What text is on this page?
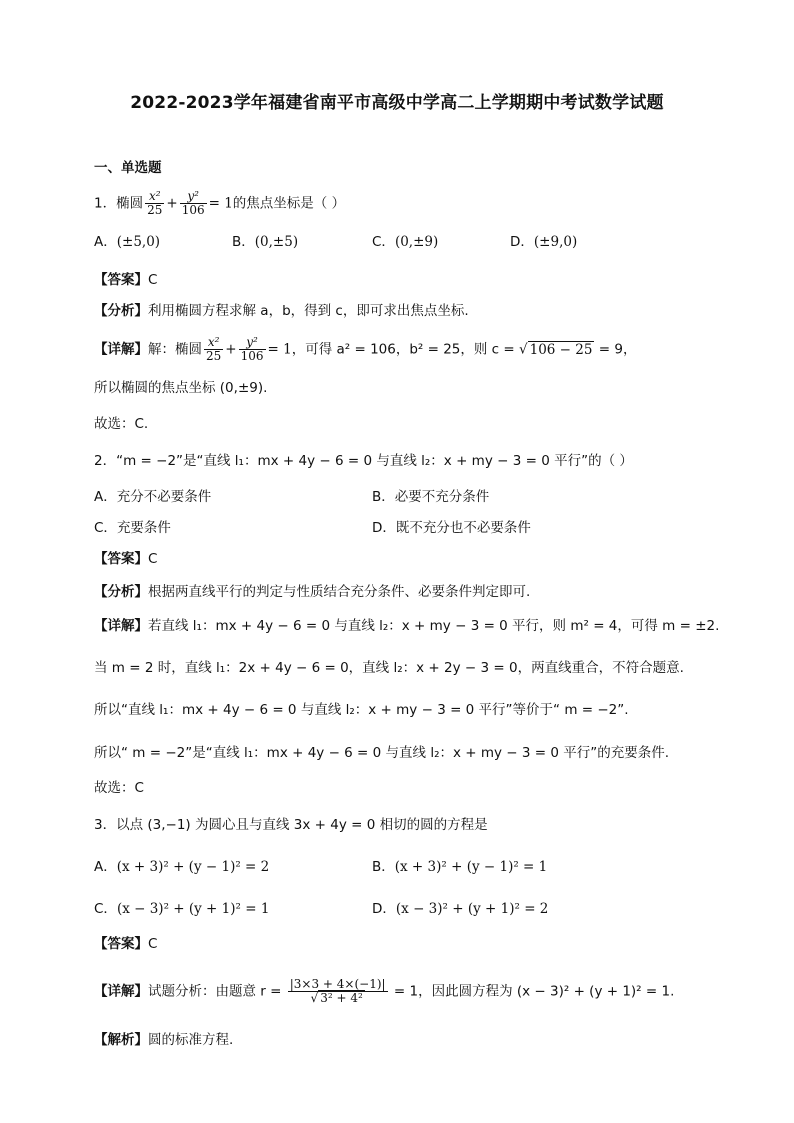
2022-2023学年福建省南平市高级中学高二上学期期中考试数学试题
一、单选题
1．椭圆 $\frac{\text{x²}}{25} + \frac{\text{y²}}{106} = 1$的焦点坐标是（ ）
A．(±5,0)	B．(0,±5)	C．(0,±9)	D．(±9,0)
【答案】C
【分析】利用椭圆方程求解 a，b，得到 c，即可求出焦点坐标.
【详解】解：椭圆 $\frac{\text{x²}}{25} + \frac{\text{y²}}{106} = 1$，可得 a² = 106，b² = 25，则 c = √ 106 − 25 = 9，
所以椭圆的焦点坐标 (0,±9).
故选：C.
2．“m = −2”是“直线 l₁：mx + 4y − 6 = 0 与直线 l₂：x + my − 3 = 0 平行”的（ ）
A．充分不必要条件	B．必要不充分条件
C．充要条件	D．既不充分也不必要条件
【答案】C
【分析】根据两直线平行的判定与性质结合充分条件、必要条件判定即可.
【详解】若直线 l₁：mx + 4y − 6 = 0 与直线 l₂：x + my − 3 = 0 平行，则 m² = 4，可得 m = ±2.
当 m = 2 时，直线 l₁：2x + 4y − 6 = 0，直线 l₂：x + 2y − 3 = 0，两直线重合，不符合题意.
所以“直线 l₁：mx + 4y − 6 = 0 与直线 l₂：x + my − 3 = 0 平行”等价于“ m = −2”.
所以“ m = −2”是“直线 l₁：mx + 4y − 6 = 0 与直线 l₂：x + my − 3 = 0 平行”的充要条件.
故选：C
3．以点 (3,−1) 为圆心且与直线 3x + 4y = 0 相切的圆的方程是
A．(x + 3)² + (y − 1)² = 2	B．(x + 3)² + (y − 1)² = 1
C．(x − 3)² + (y + 1)² = 1	D．(x − 3)² + (y + 1)² = 2
【答案】C
【详解】试题分析：由题意 $r = \frac{|3\times 3 + 4\times(-1)|}{\text{√ 3² + 4²}} = 1$，因此圆方程为 (x − 3)² + (y + 1)² = 1.
【解析】圆的标准方程.
